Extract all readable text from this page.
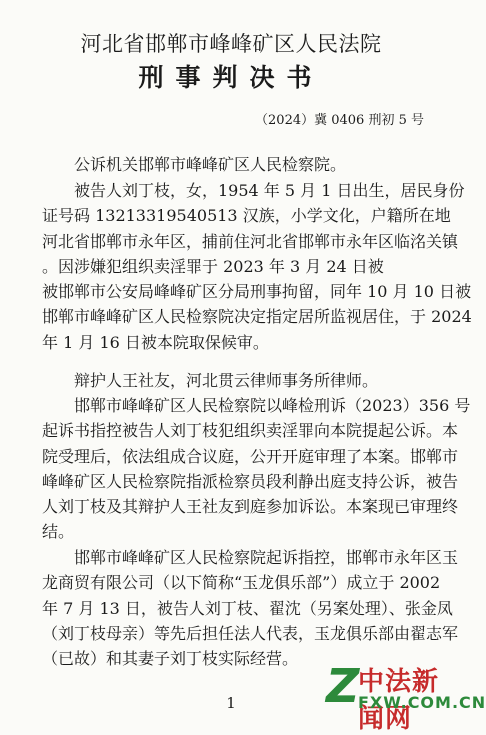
河北省邯郸市峰峰矿区人民法院
刑事判决书
（2024）冀 0406 刑初 5 号
公诉机关邯郸市峰峰矿区人民检察院。
被告人刘丁枝，女，1954 年 5 月 1 日出生，居民身份
证号码 13213319540513 汉族，小学文化，户籍所在地
河北省邯郸市永年区，捕前住河北省邯郸市永年区临洺关镇
。因涉嫌犯组织卖淫罪于 2023 年 3 月 24 日被
被邯郸市公安局峰峰矿区分局刑事拘留，同年 10 月 10 日被
邯郸市峰峰矿区人民检察院决定指定居所监视居住，于 2024
年 1 月 16 日被本院取保候审。
辩护人王社友，河北贯云律师事务所律师。
邯郸市峰峰矿区人民检察院以峰检刑诉（2023）356 号
起诉书指控被告人刘丁枝犯组织卖淫罪向本院提起公诉。本
院受理后，依法组成合议庭，公开开庭审理了本案。邯郸市
峰峰矿区人民检察院指派检察员段利静出庭支持公诉，被告
人刘丁枝及其辩护人王社友到庭参加诉讼。本案现已审理终
结。
邯郸市峰峰矿区人民检察院起诉指控，邯郸市永年区玉
龙商贸有限公司（以下简称“玉龙俱乐部”）成立于 2002
年 7 月 13 日，被告人刘丁枝、翟沈（另案处理）、张金凤
（刘丁枝母亲）等先后担任法人代表，玉龙俱乐部由翟志军
（已故）和其妻子刘丁枝实际经营。
1	Z
中法新闻网
FXW.COM.CN
